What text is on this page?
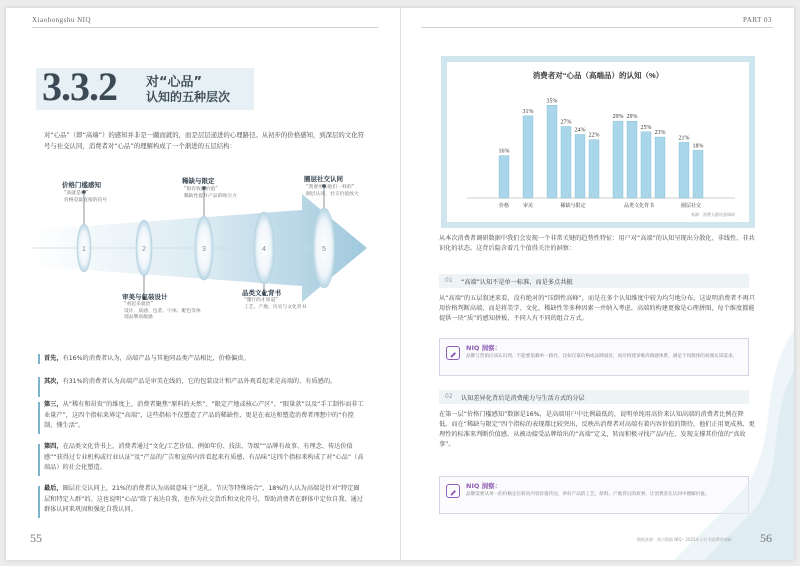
Xiaohongshu NIQ
3.3.2 对“心品”
认知的五种层次
对“心品”（即“高端”）的感知并非是一蹴而就的，而是层层递进的心理路径。从初步的价格感知，到深层的文化符号与社交认同，消费者对“心品”的理解构成了一个渐进的五层结构：
1	2	3	4	5
价格门槛感知
“高就是好”
价格是最直接的信号
稀缺与限定
“很有收藏价值”
稀缺性提升产品的吸引力
圈层社交认同
“我要用和他们一样的”
圈层认同，社交价值放大
审美与包装设计
“看起来就贵”
设计、质感、包装、字体、配色等体现品牌高级感
品类文化背书
“懂行的才知道”
工艺、产地、历史与文化背书
首先，有16%的消费者认为，高端产品与其他同品类产品相比，价格偏贵。
其次，有31%的消费者认为高端产品是审美在线的，它的包装设计和产品外观看起来是高端的、有质感的。
第三，从“稀有和昂贵”的维度上，消费者聚焦“原料的天然”、“限定产地或核心产区”、“限量款”以及“手工制作而非工业量产”，这四个指标来界定“高端”，这些指标不仅塑造了产品的稀缺性，更是在表达和塑造消费者理想中的“有控制、懂生活”。
第四，在品类文化背书上，消费者通过“文化/工艺价值、例如年份、技法、等级”“品牌有故事、有理念、传达价值感”“获得过专业机构或行业认证”及“产品的广告和宣传内容看起来有质感、有品味”这四个指标来构成了对“心品”（高端品）的社会化塑造。
最后，圈层社交认同上，21%的消费者认为高端意味于“送礼、节庆等特殊场合”，18%的人认为高端是针对“特定圈层和特定人群”的。这也说明“心品”除了表达自我，也作为社交货币和文化符号，帮助消费者在群体中定位自我、通过群体认同来巩固和强化自我认同。
55
PART 03
消费者对“心品（高端品）的认知（%）
16%
价格
31%
审美
35%
27%
24%
22%
稀缺与限定
29% 29%
25%
23%
品类文化背书
21%
18%
圈层社交
来源：消费人群问卷调研
从本次消费者调研数据中我们会发现一个非常关键的趋势性特征：用户对“高端”的认知呈现出分散化、非线性、非共识化的状态。这背后隐含着几个值得关注的洞察：
01 “高端”认知不是单一标准，而是多点共振
从“高端”的五层叙述来看，没有绝对的“压倒性高峰”，而是在多个认知维度中较为均匀地分布。这说明消费者不再只用价格判断高端，而是将美学、文化、稀缺性等多种因素一并纳入考虑。高端的构建更像是心理拼图，每个维度都能提供一块“质”的感知拼板，不同人有不同的组合方式。
NIQ 洞察：
品牌与营销应该认识到，不能要依赖单一路径，比如仅靠价格或品牌溢价，而应构建多维高端感体系，满足不同群体的高端认知需求。
02 认知差异化背后是消费能力与生活方式的分层
在第一层“价格门槛感知”数据是16%，是高端用户中比例最低的，说明单纯用高价来认知高端的消费者比例在降低。而在“稀缺与限定”四个指标的表现都比较突出，反映出消费者对高端有着内容价值的期待，他们正用更成熟、更理性的标准来判断价值感，从被动接受品牌给出的“高端”定义，转而积极寻找产品内在、发现支撑其价值的“真故事”。
NIQ 洞察：
品牌需要从单一的价格定位转向内容价值传达，讲好产品的工艺、原料、产地背后的故事，让消费者在认同中理解价值。
数据来源：图示数据 NIQ · 2025年小红书消费者调研 56
